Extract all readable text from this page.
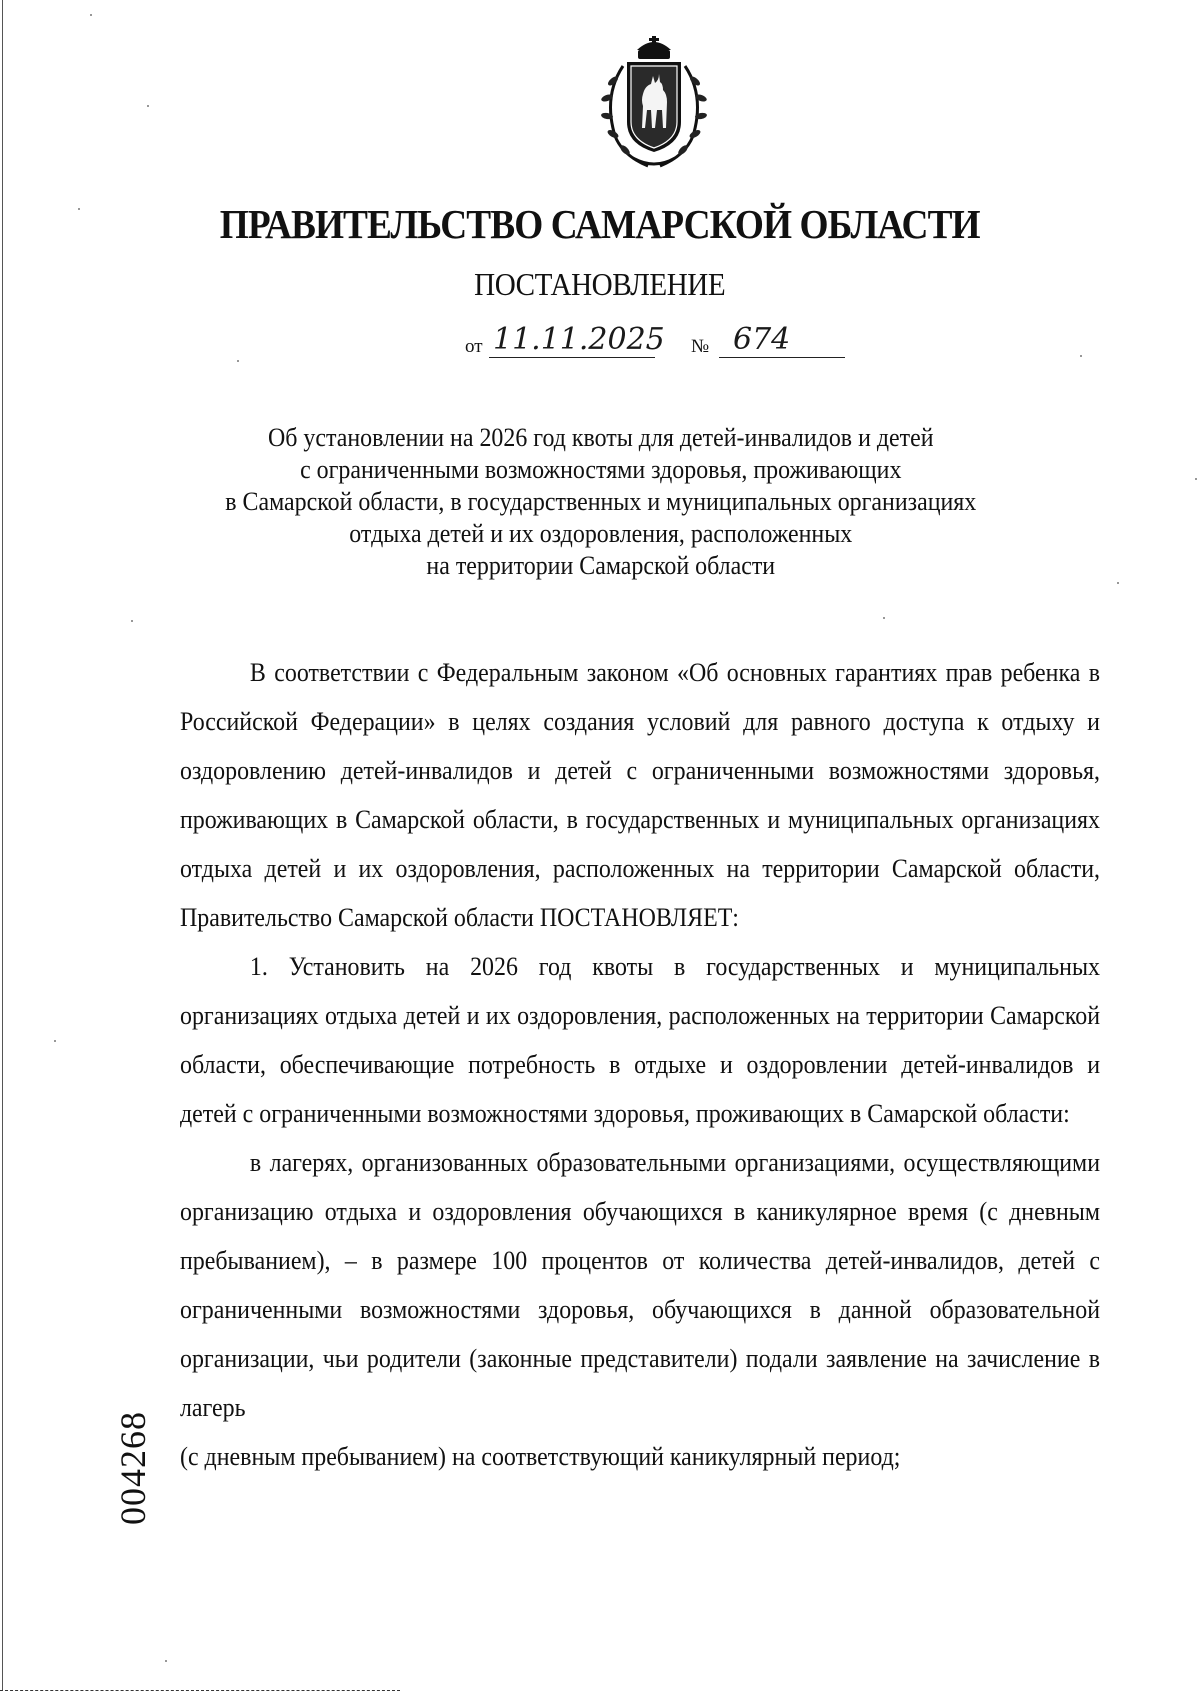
ПРАВИТЕЛЬСТВО САМАРСКОЙ ОБЛАСТИ
ПОСТАНОВЛЕНИЕ
от 11.11.2025 № 674
Об установлении на 2026 год квоты для детей-инвалидов и детей
с ограниченными возможностями здоровья, проживающих
в Самарской области, в государственных и муниципальных организациях
отдыха детей и их оздоровления, расположенных
на территории Самарской области

В соответствии с Федеральным законом «Об основных гарантиях прав ребенка в Российской Федерации» в целях создания условий для равного доступа к отдыху и оздоровлению детей-инвалидов и детей с ограниченными возможностями здоровья, проживающих в Самарской области, в государственных и муниципальных организациях отдыха детей и их оздоровления, расположенных на территории Самарской области,

Правительство Самарской области ПОСТАНОВЛЯЕТ:

1. Установить на 2026 год квоты в государственных и муниципальных организациях отдыха детей и их оздоровления, расположенных на территории Самарской области, обеспечивающие потребность в отдыхе и оздоровлении детей-инвалидов и детей с ограниченными возможностями здоровья, проживающих в Самарской области:

в лагерях, организованных образовательными организациями, осуществляющими организацию отдыха и оздоровления обучающихся в каникулярное время (с дневным пребыванием), – в размере 100 процентов от количества детей-инвалидов, детей с ограниченными возможностями здоровья, обучающихся в данной образовательной организации, чьи родители (законные представители) подали заявление на зачисление в лагерь

(с дневным пребыванием) на соответствующий каникулярный период;

004268
